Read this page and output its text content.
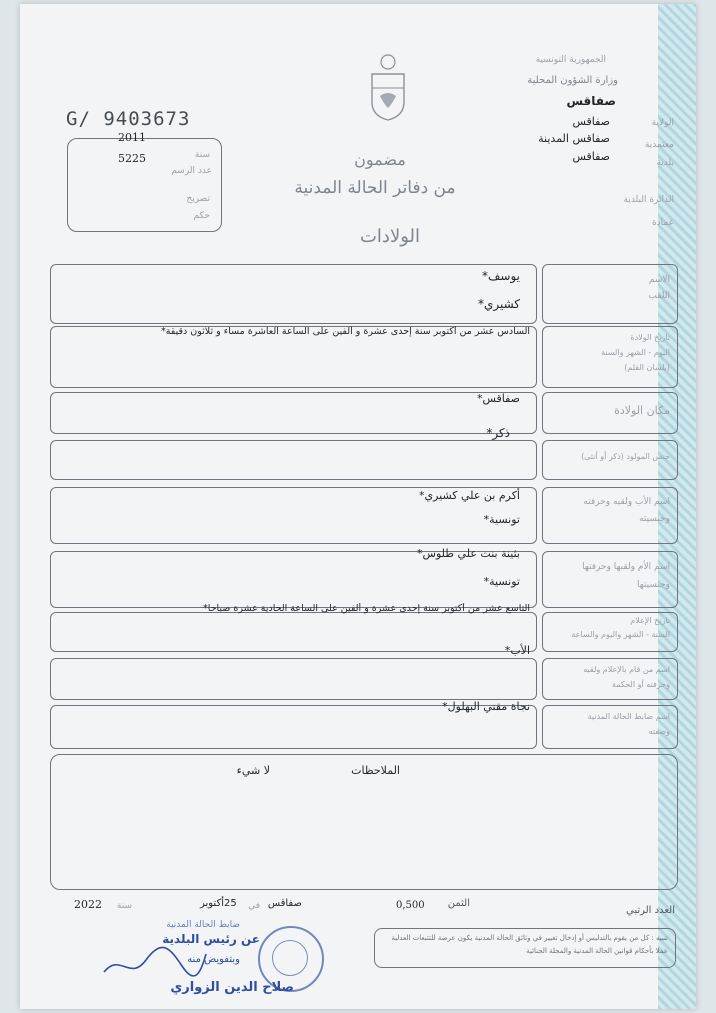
الجمهورية التونسية
وزارة الشؤون المحلية
صفاقس
الولاية
صفاقس
معتمدية
صفاقس المدينة
بلدية
صفاقس
الدائرة البلدية
عمادة
G/ 9403673
2011
5225	سنة
عدد الرسم
تصريح
حكم
مضمون
من دفاتر الحالة المدنية
الولادات
الاسم
اللقب
يوسف*
كشيري*
تاريخ الولادة
اليوم - الشهر والسنة
(بلسان القلم)
السادس عشر من أكتوبر سنة إحدى عشرة و ألفين على الساعة العاشرة مساء و ثلاثون دقيقة*
مكان الولادة
صفاقس*
جنس المولود (ذكر أو أنثى)
ذكر*
اسم الأب ولقبه وحرفته
وجنسيته
أكرم بن علي كشيري*
تونسية*
اسم الأم ولقبها وحرفتها
وجنسيتها
بثينة بنت علي طلوس*
تونسية*
تاريخ الإعلام
السنة - الشهر واليوم والساعة
التاسع عشر من أكتوبر سنة إحدى عشرة و ألفين على الساعة الحادية عشرة صباحا*
اسم من قام بالإعلام ولقبه
وحرفته أو الحكمة
الأب*
اسم ضابط الحالة المدنية
وصفته
نجاة مقني البهلول*
الملاحظات
لا شيء
العدد الرتبي
الثمن
0,500
صفاقس
في
25
أكتوبر
سنة
2022
تنبيه : كل من يقوم بالتدليس أو إدخال تغيير في وثائق الحالة المدنية يكون عرضة للتتبعات العدلية عملا بأحكام قوانين الحالة المدنية والمجلة الجنائية
ضابط الحالة المدنية
عن رئيس البلدية
وبتفويض منه
صلاح الدين الزواري
